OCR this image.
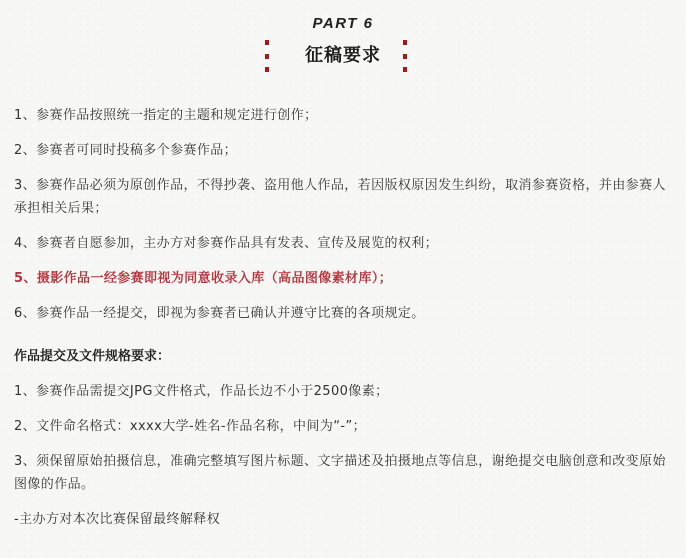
PART 6
征稿要求
1、参赛作品按照统⼀指定的主题和规定进⾏创作；
2、参赛者可同时投稿多个参赛作品；
3、参赛作品必须为原创作品，不得抄袭、盗⽤他⼈作品，若因版权原因发⽣纠纷，取消参赛资格，并由参赛⼈承担相关后果；
4、参赛者⾃愿参加，主办⽅对参赛作品具有发表、宣传及展览的权利；
5、摄影作品一经参赛即视为同意收录入库（高品图像素材库）；
6、参赛作品⼀经提交，即视为参赛者已确认并遵守⽐赛的各项规定。
作品提交及文件规格要求：
1、参赛作品需提交JPG文件格式，作品长边不小于2500像素；
2、文件命名格式：xxxx大学-姓名-作品名称，中间为“-”；
3、须保留原始拍摄信息，准确完整填写图片标题、文字描述及拍摄地点等信息，谢绝提交电脑创意和改变原始图像的作品。
-主办⽅对本次⽐赛保留最终解释权
